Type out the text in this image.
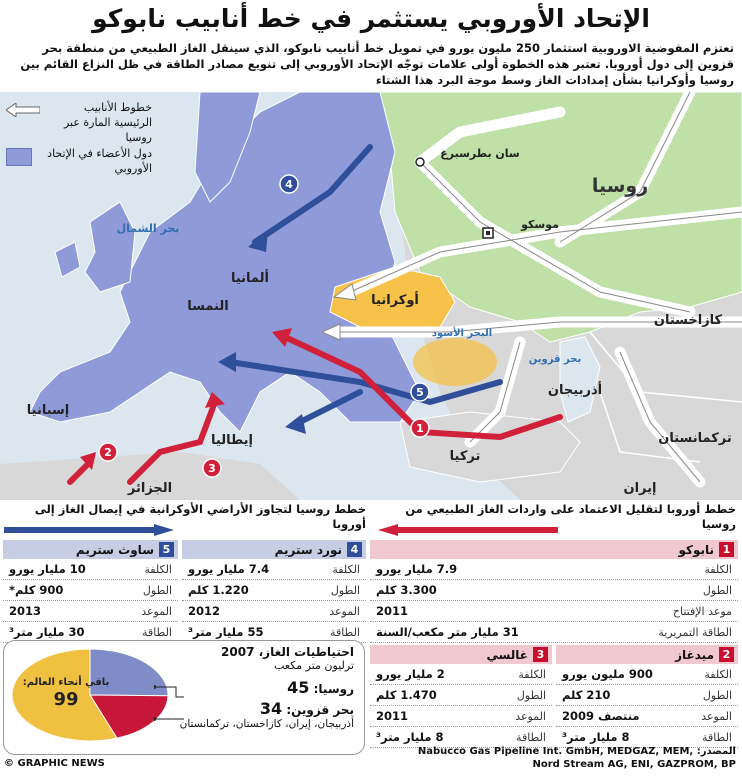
الإتحاد الأوروبي يستثمر في خط أنابيب نابوكو
تعتزم المفوضية الاوروبية استثمار 250 مليون يورو في تمويل خط أنابيب نابوكو، الذي سينقل الغاز الطبيعي من منطقة بحر قزوين إلى دول أوروبا. تعتبر هذه الخطوة أولى علامات توجّه الإتحاد الأوروبي إلى تنويع مصادر الطاقة في ظل النزاع القائم بين روسيا وأوكرانيا بشأن إمدادات الغاز وسط موجة البرد هذا الشتاء
1
2
3
4
5
روسيا
سان بطرسبرغ
موسكو
بحر الشمال
ألمانيا
النمسا	أوكرانيا
البحر الأسود
كازاخستان
بحر قزوين
أذربيجان
تركمانستان
تركيا
إيران
إيطاليا
إسبانيا
الجزائر
خطوط الأنابيب الرئيسية المارة عبر روسيا
دول الأعضاء في الإتحاد الأوروبي
خطط أوروبا لتقليل الاعتماد على واردات الغاز الطبيعي من روسيا
خطط روسيا لتجاوز الأراضي الأوكرانية في إيصال الغاز إلى أوروبا
1
نابوكو
الكلفة
7.9 مليار يورو
الطول
3.300 كلم
موعد الإفتتاح
2011
الطاقة التمريرية
31 مليار متر مكعب/السنة
2
ميدغاز
الكلفة
900 مليون يورو
الطول
210 كلم
الموعد
منتصف 2009
الطاقة
8 مليار متر³
3
غالسي
الكلفة
2 مليار يورو
الطول
1.470 كلم
الموعد
2011
الطاقة
8 مليار متر³
4
نورد ستريم
الكلفة
7.4 مليار يورو
الطول
1.220 كلم
الموعد
2012
الطاقة
55 مليار متر³
5
ساوث ستريم
الكلفة
10 مليار يورو
الطول
900 كلم*
الموعد
2013
الطاقة
30 مليار متر³
باقي أنحاء العالم:
99
احتياطيات الغاز، 2007
ترليون متر مكعب
روسيا: 45
بحر قزوين: 34
أذربيجان، إيران، كازاخستان، تركمانستان
© GRAPHIC NEWS
المصدر: Nabucco Gas Pipeline Int. GmbH, MEDGAZ, MEM, Nord Stream AG, ENI, GAZPROM, BP
